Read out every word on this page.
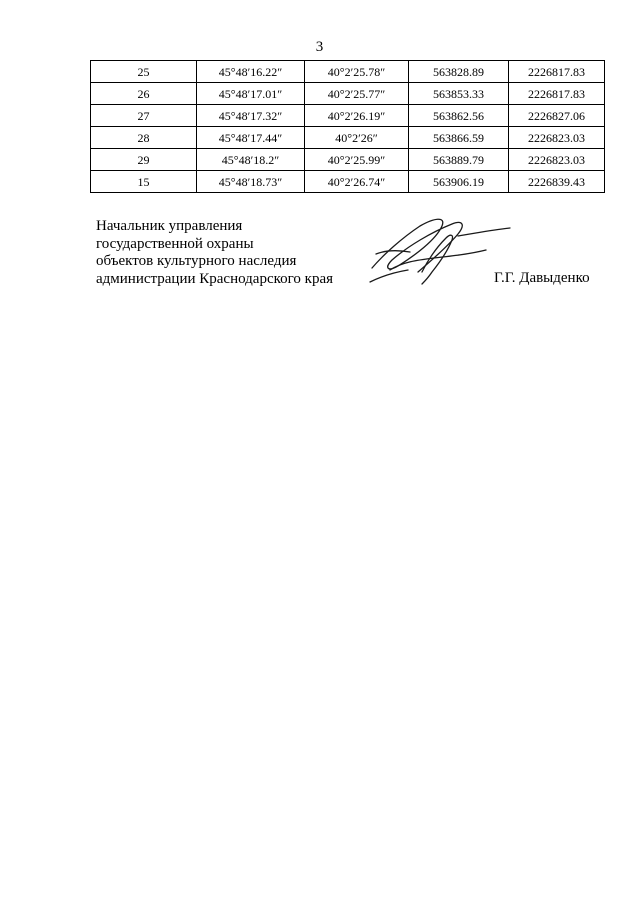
3
25	45°48′16.22″	40°2′25.78″	563828.89	2226817.83
26	45°48′17.01″	40°2′25.77″	563853.33	2226817.83
27	45°48′17.32″	40°2′26.19″	563862.56	2226827.06
28	45°48′17.44″	40°2′26″	563866.59	2226823.03
29	45°48′18.2″	40°2′25.99″	563889.79	2226823.03
15	45°48′18.73″	40°2′26.74″	563906.19	2226839.43
Начальник управления
государственной охраны
объектов культурного наследия
администрации Краснодарского края	Г.Г. Давыденко
